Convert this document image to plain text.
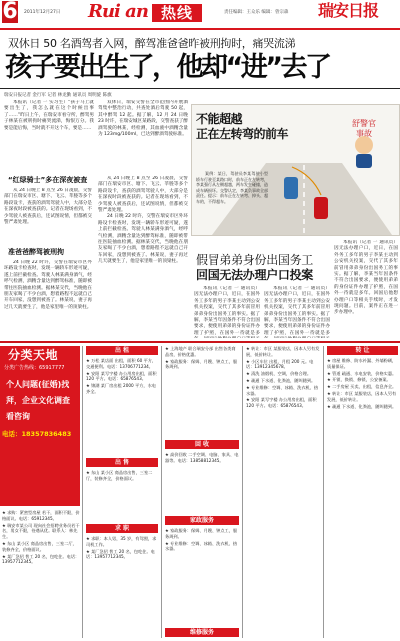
6 2011年12月27日 Rui an 热线	责任编辑：王众乐 编辑：曾宗森 瑞安日报
双休日 50 名酒驾者入网，醉驾准爸爸昨被刑拘时，痛哭流涕
孩子要出生了，他却“进”去了
瑞安日报记者 金行军 记者 林龙勤 通讯员 周明旋 陈旗

本报讯（记者 一 实习生）“孩子马上就要出生了，我怎么就在这个时候出事了……”昨日上午，在瑞安市看守所，醉驾男子林某在被刑拘时痛哭流涕，悔恨万分。我要是能后悔，当时就不开这个车，要是……

双休日，瑞安交警在全市范围内开展酒驾集中整治行动，共查处酒后驾驶 50 起，其中醉驾 12 起。据了解，12 月 24 日晚 23 时许，在瑞安城区某路段，交警查获了醉酒驾驶的林某，经检测，其血液中酒精含量为 123mg/100ml，已达到醉酒驾驶标准。

“红绿骑士”多在深夜被查

从 24 日晚上 8 点至 26 日凌晨，交警部门在瑞安市区、塘下、飞云、莘塍等多个路段设卡，查获的酒驾驾驶人中，大部分是在深夜时段被查获的。记者在现场看到，不少驾驶人被查获后，还试图说情，但都被交警严肃处理。

准爸爸醉驾被刑拘

24 日晚 22 时许，交警在瑞安市区外环路设卡检查时，发现一辆轿车形迹可疑，遂上前拦截检查。驾驶人林某满身酒气，经呼气检测，酒精含量达到醉驾标准，随即被带往医院抽血检测。据林某交代，当晚他在朋友家喝了不少白酒，想着路程不远就自己开车回家，没想到被查了。林某说，妻子再过几天就要生了，他是家里唯一的顶梁柱。

从 24 日晚上 8 点至 26 日凌晨，交警部门在瑞安市区、塘下、飞云、莘塍等多个路段设卡，查获的酒驾驾驶人中，大部分是在深夜时段被查获的。记者在现场看到，不少驾驶人被查获后，还试图说情，但都被交警严肃处理。

24 日晚 22 时许，交警在瑞安市区外环路设卡检查时，发现一辆轿车形迹可疑，遂上前拦截检查。驾驶人林某满身酒气，经呼气检测，酒精含量达到醉驾标准，随即被带往医院抽血检测。据林某交代，当晚他在朋友家喝了不少白酒，想着路程不远就自己开车回家，没想到被查了。林某说，妻子再过几天就要生了，他是家里唯一的顶梁柱。

案例：某日，驾驶员李某驾驶小型轿车行驶至某路口时，前车正在左转弯，李某强行从左侧超越，两车发生碰撞，造成车辆损坏。交警认定，李某负事故全部责任。提示：前车正在左转弯、掉头、超车的，不得超车。

不能超越
正在左转弯的前车
舒警官
事故
假冒弟弟身份出国务工
回国无法办理户口投案

本报讯（记者 一 通讯员）因无法办理户口，近日，在国外务工多年的男子李某主动到公安机关投案，交代了其多年前冒用弟弟身份出国务工的事实。据了解，李某当年因条件不符合出国要求，便使用弟弟的身份证件办理了护照，在国外一待就是多

本报讯（记者 一 通讯员）因无法办理户口，近日，在国外务工多年的男子李某主动到公安机关投案，交代了其多年前冒用弟弟身份出国务工的事实。据了解，李某当年因条件不符合出国要求，便使用弟弟的身份证件办理了护照，在国外一待就是多

本报讯（记者 一 通讯员）因无法办理户口，近日，在国外务工多年的男子李某主动到公安机关投案，交代了其多年前冒用弟弟身份出国务工的事实。据了解，李某当年因条件不符合出国要求，便使用弟弟的身份证件办理了护照，在国外一待就是多年。回国后他想办理户口等相关手续时，才发现问题。目前，案件正在进一步办理中。

分类天地
分类广告热线：65917777
个人问题(征婚)找
拜，企业文化调查
看咨询
电话：18357836483
★ 求购：紧密型房屋 若干，面积不限，价格面议。电话：65912345。
★ 瑞安市某公司 现向社会招聘业务员若干名，男女不限，待遇从优。联系人：林先生。
★ 东山 某小区 商品房出售，三室二厅，装修齐全，价格面议。
★ 某厂急招 普工 20 名，包吃住。电话：13957712345。
出 租
★ 万松 某店面 出租，面积 60 平方，交通便利。电话：13706771234。
★ 安阳 某写字楼 办公用房出租，面积 120 平方。电话：65876543。
★ 锦湖 某厂房出租 2000 平方，水电齐全。
出 售
★ 东山 某小区 商品房出售，三室二厅，装修齐全，价格面议。
求 职
★ 求职：本人男，35 岁，有驾照，求司机工作。
★ 某厂急招 普工 20 名，包吃住。电话：13957712345。
★ 上海地产 联合瑞安分部 出售各类商品房，价格优惠。
★ 家政服务：保姆、月嫂、钟点工，服务周到。
回 收
★ 高价回收 二手空调、电脑、家具、电器等。电话：13858812345。
家政服务
★ 家政服务：保姆、月嫂、钟点工，服务周到。
★ 专业维修：空调、冰箱、洗衣机、热水器。
维修服务
★ 转让：市区 某服装店，因本人另有发展，低价转让。
★ 小区车位 出租，月租 200 元。电话：13912345678。
★ 清洗 油烟机、空调，价格合理。
★ 疏通 下水道、化粪池，随叫随到。
★ 专业维修：空调、冰箱、洗衣机、热水器。
★ 安阳 某写字楼 办公用房出租，面积 120 平方。电话：65876543。
转 让
★ 房屋 维修、防水补漏、外墙粉刷，质量保证。
★ 管道 疏通、水电安装，价格实惠。
★ 开锁、换锁、修锁，公安备案。
★ 二手房屋 买卖，出租，信息齐全。
★ 转让：市区 某服装店，因本人另有发展，低价转让。
★ 疏通 下水道、化粪池，随叫随到。
